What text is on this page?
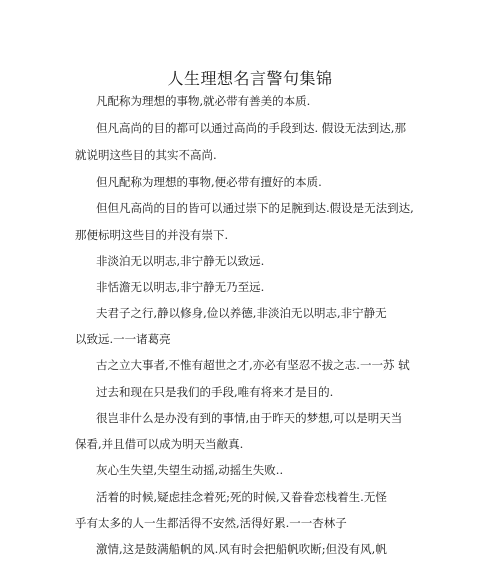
人生理想名言警句集锦
凡配称为理想的事物,就必带有善美的本质.
但凡高尚的目的都可以通过高尚的手段到达. 假设无法到达,那
就说明这些目的其实不高尚.
但凡配称为理想的事物,便必带有擅好的本质.
但但凡高尚的目的皆可以通过崇下的足腕到达.假设是无法到达,
那便标明这些目的并没有崇下.
非淡泊无以明志,非宁静无以致远.
非恬澹无以明志,非宁静无乃至远.
夫君子之行,静以修身,俭以养德,非淡泊无以明志,非宁静无
以致远.一一诸葛亮
古之立大事者,不惟有超世之才,亦必有坚忍不拔之志.一一苏 轼
过去和现在只是我们的手段,唯有将来才是目的.
很岂非什么是办没有到的事情,由于昨天的梦想,可以是明天当
保看,并且借可以成为明天当敝真.
灰心生失望,失望生动摇,动摇生失败..
活着的时候,疑虑挂念着死;死的时候,又眷眷恋栈着生.无怪
乎有太多的人一生都活得不安然,活得好累.一一杏林子
激情,这是鼓满船帆的风.风有时会把船帆吹断;但没有风,帆
